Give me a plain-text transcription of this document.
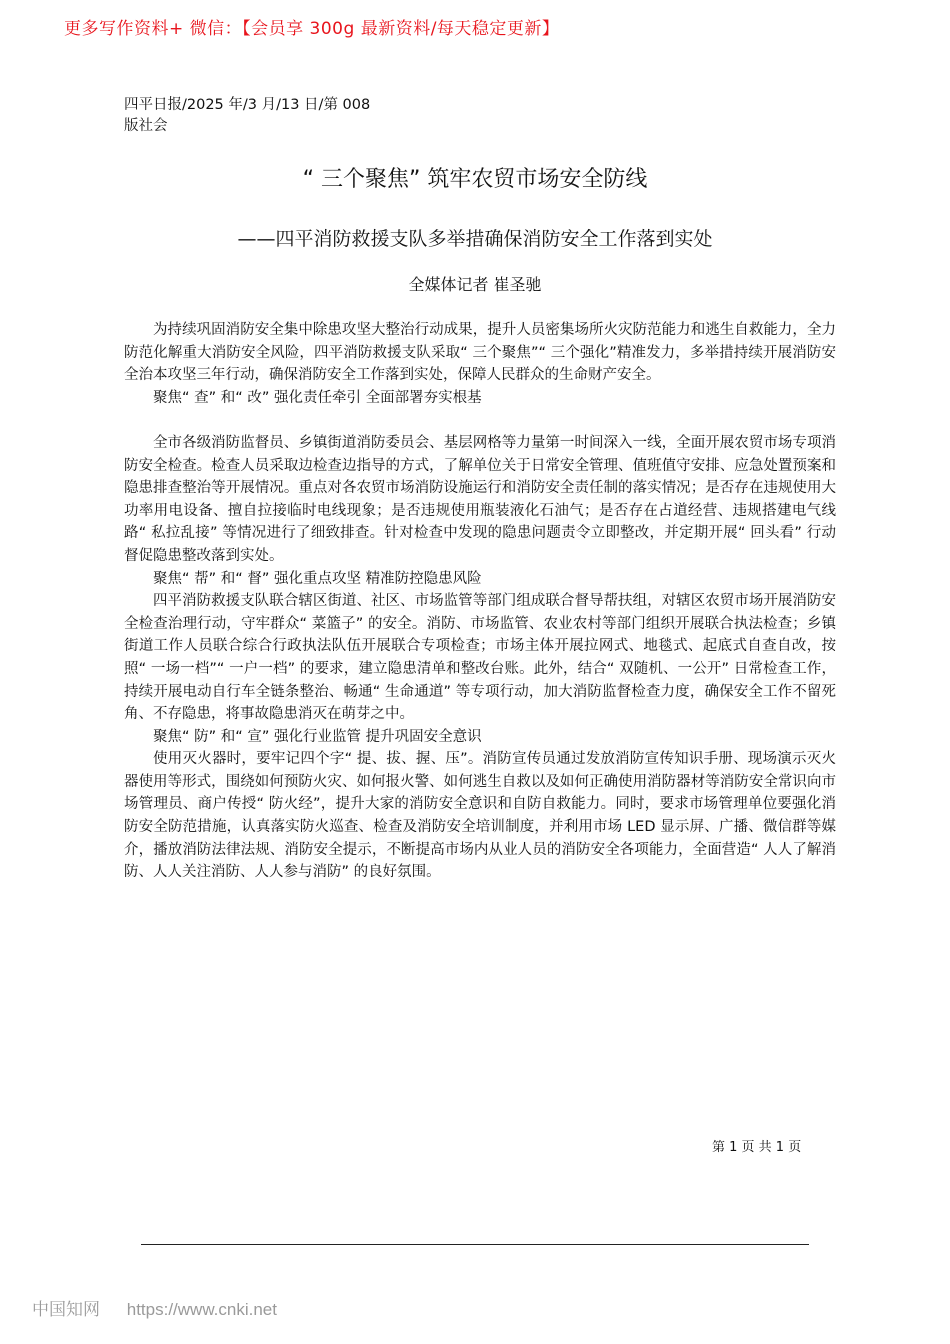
更多写作资料+ 微信：【会员享 300g 最新资料/每天稳定更新】
四平日报/2025 年/3 月/13 日/第 008
版社会
“ 三个聚焦” 筑牢农贸市场安全防线
——四平消防救援支队多举措确保消防安全工作落到实处
全媒体记者 崔圣驰

为持续巩固消防安全集中除患攻坚大整治行动成果，提升人员密集场所火灾防范能力和逃生自救能力，全力防范化解重大消防安全风险，四平消防救援支队采取“ 三个聚焦”“ 三个强化”精准发力，多举措持续开展消防安全治本攻坚三年行动，确保消防安全工作落到实处，保障人民群众的生命财产安全。

聚焦“ 查” 和“ 改” 强化责任牵引 全面部署夯实根基

全市各级消防监督员、乡镇街道消防委员会、基层网格等力量第一时间深入一线，全面开展农贸市场专项消防安全检查。检查人员采取边检查边指导的方式，了解单位关于日常安全管理、值班值守安排、应急处置预案和隐患排查整治等开展情况。重点对各农贸市场消防设施运行和消防安全责任制的落实情况；是否存在违规使用大功率用电设备、擅自拉接临时电线现象；是否违规使用瓶装液化石油气；是否存在占道经营、违规搭建电气线路“ 私拉乱接” 等情况进行了细致排查。针对检查中发现的隐患问题责令立即整改，并定期开展“ 回头看” 行动督促隐患整改落到实处。

聚焦“ 帮” 和“ 督” 强化重点攻坚 精准防控隐患风险

四平消防救援支队联合辖区街道、社区、市场监管等部门组成联合督导帮扶组，对辖区农贸市场开展消防安全检查治理行动，守牢群众“ 菜篮子” 的安全。消防、市场监管、农业农村等部门组织开展联合执法检查；乡镇街道工作人员联合综合行政执法队伍开展联合专项检查；市场主体开展拉网式、地毯式、起底式自查自改，按照“ 一场一档”“ 一户一档” 的要求，建立隐患清单和整改台账。此外，结合“ 双随机、一公开” 日常检查工作，持续开展电动自行车全链条整治、畅通“ 生命通道” 等专项行动，加大消防监督检查力度，确保安全工作不留死角、不存隐患，将事故隐患消灭在萌芽之中。

聚焦“ 防” 和“ 宣” 强化行业监管 提升巩固安全意识

使用灭火器时，要牢记四个字“ 提、拔、握、压”。消防宣传员通过发放消防宣传知识手册、现场演示灭火器使用等形式，围绕如何预防火灾、如何报火警、如何逃生自救以及如何正确使用消防器材等消防安全常识向市场管理员、商户传授“ 防火经”，提升大家的消防安全意识和自防自救能力。同时，要求市场管理单位要强化消防安全防范措施，认真落实防火巡查、检查及消防安全培训制度，并利用市场 LED 显示屏、广播、微信群等媒介，播放消防法律法规、消防安全提示，不断提高市场内从业人员的消防安全各项能力，全面营造“ 人人了解消防、人人关注消防、人人参与消防” 的良好氛围。

第 1 页 共 1 页
中国知网 https://www.cnki.net
